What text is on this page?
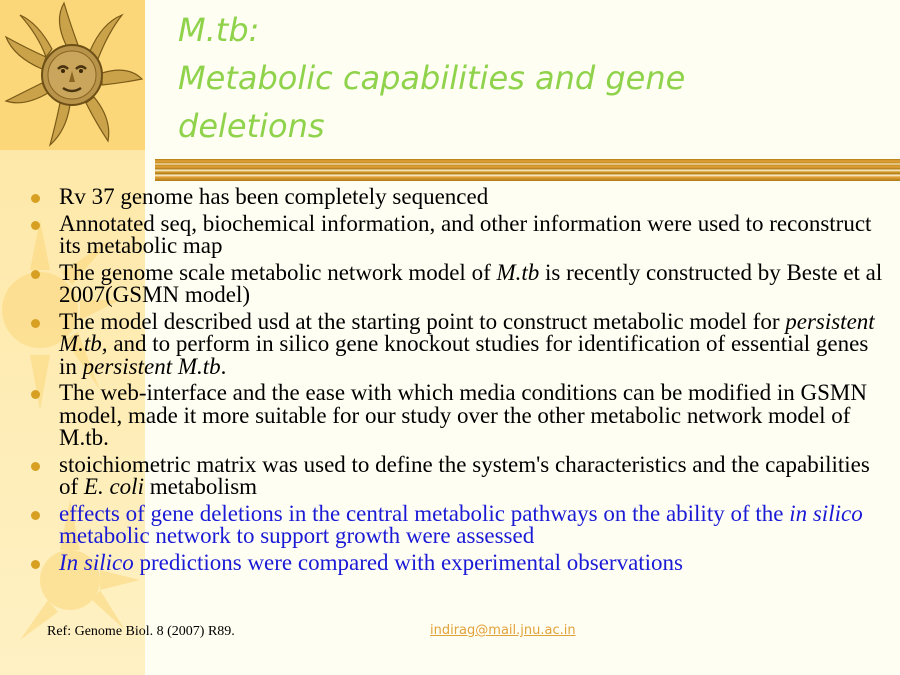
M.tb:
Metabolic capabilities and gene
deletions
Rv 37 genome has been completely sequenced
Annotated seq, biochemical information, and other information were used to reconstruct its metabolic map
The genome scale metabolic network model of M.tb is recently constructed by Beste et al 2007(GSMN model)
The model described usd at the starting point to construct metabolic model for persistent M.tb, and to perform in silico gene knockout studies for identification of essential genes in persistent M.tb.
The web-interface and the ease with which media conditions can be modified in GSMN model, made it more suitable for our study over the other metabolic network model of M.tb.
stoichiometric matrix was used to define the system's characteristics and the capabilities of E. coli metabolism
effects of gene deletions in the central metabolic pathways on the ability of the in silico metabolic network to support growth were assessed
In silico predictions were compared with experimental observations
Ref: Genome Biol. 8 (2007) R89.	indirag@mail.jnu.ac.in
